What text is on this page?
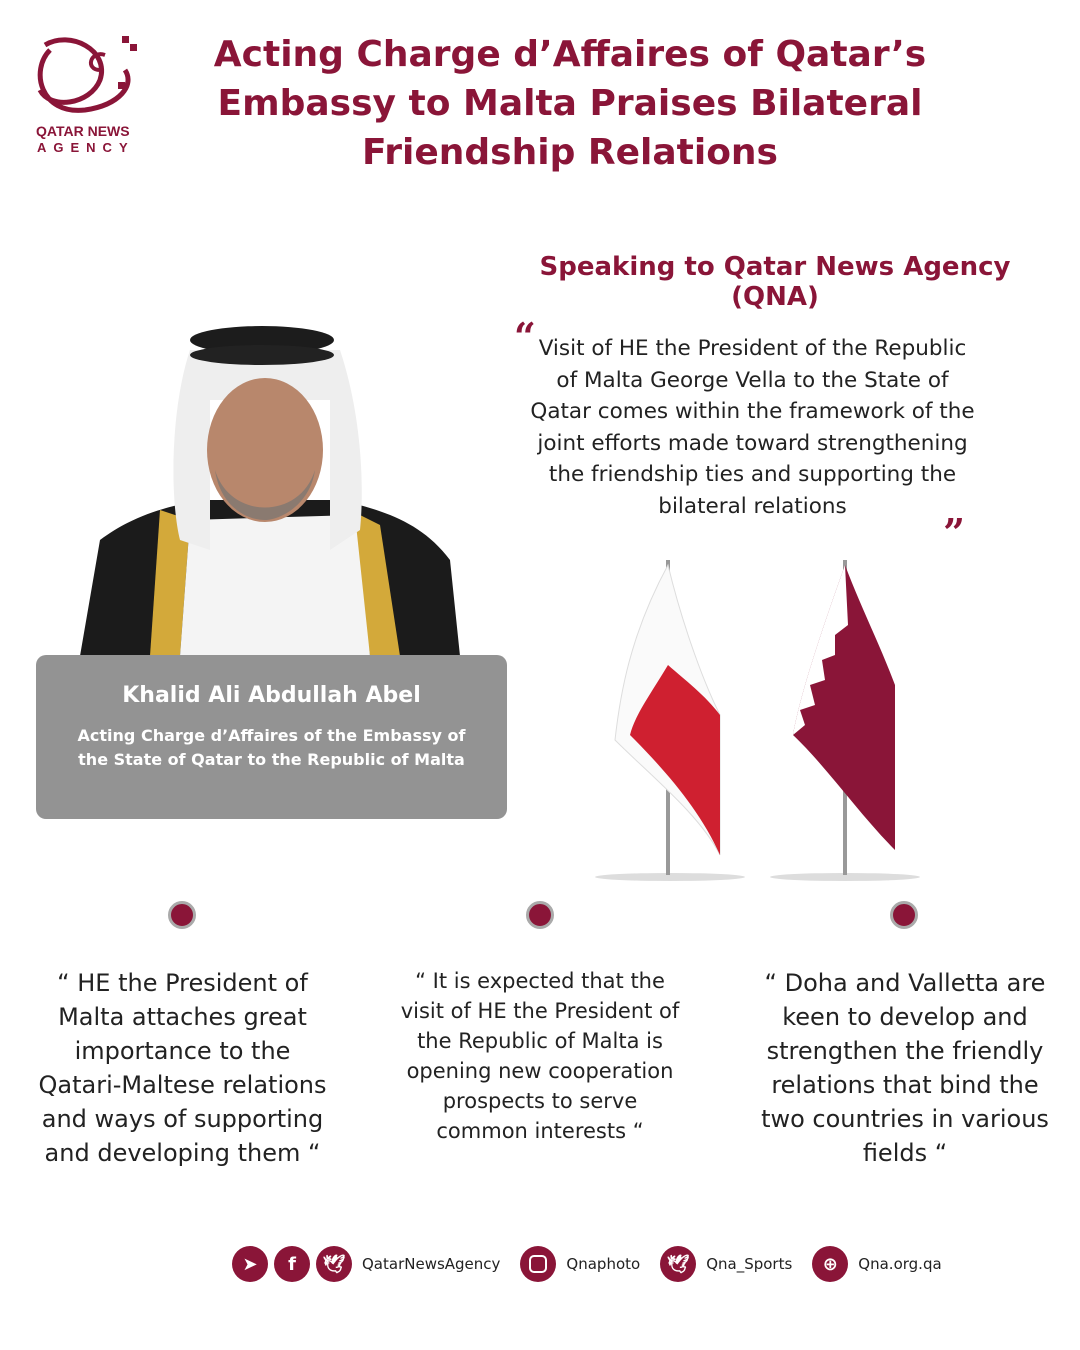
QATAR NEWS
AGENCY
Acting Charge d’Affaires of Qatar’s Embassy to Malta Praises Bilateral Friendship Relations
Speaking to Qatar News Agency (QNA)
“ Visit of HE the President of the Republic of Malta George Vella to the State of Qatar comes within the framework of the joint efforts made toward strengthening the friendship ties and supporting the bilateral relations
”
Khalid Ali Abdullah Abel
Acting Charge d’Affaires of the Embassy of the State of Qatar to the Republic of Malta
“ HE the President of Malta attaches great importance to the Qatari-Maltese relations and ways of supporting and developing them “
“ It is expected that the visit of HE the President of the Republic of Malta is opening new cooperation prospects to serve common interests “
“ Doha and Valletta are keen to develop and strengthen the friendly relations that bind the two countries in various fields “
➤	f	🕊	QatarNewsAgency	Qnaphoto	🕊	Qna_Sports	⊕	Qna.org.qa
